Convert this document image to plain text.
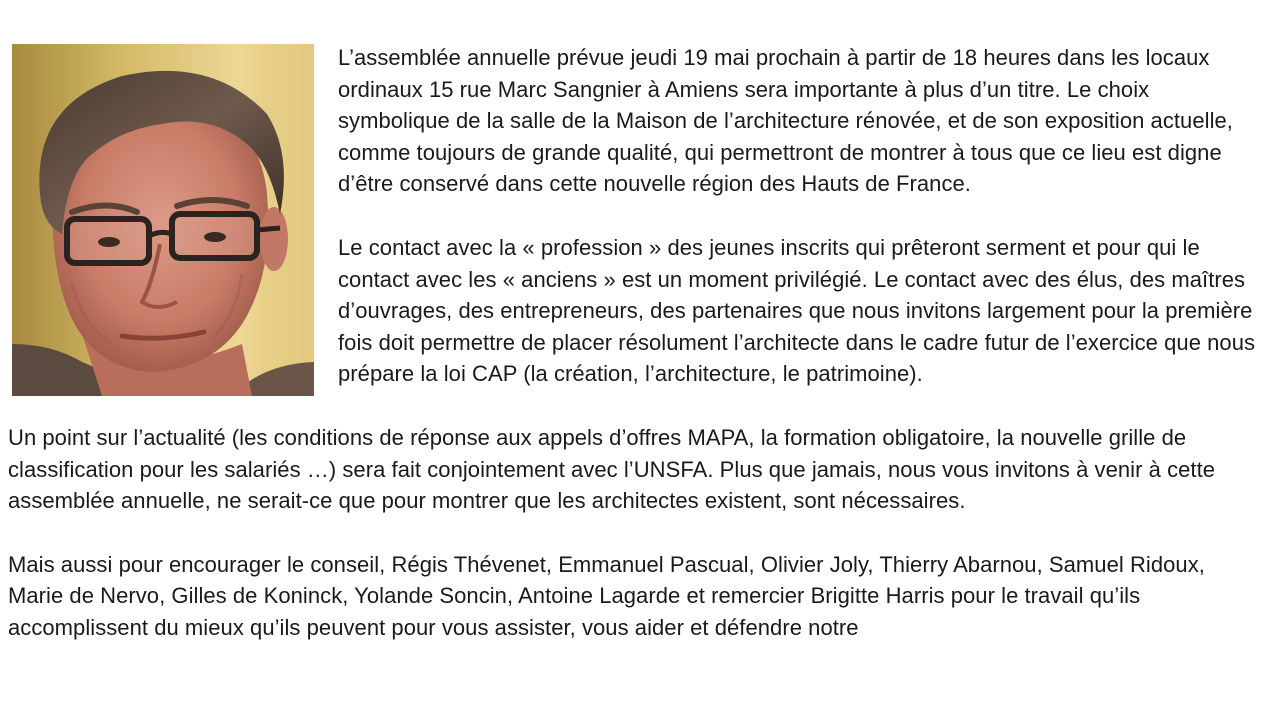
L’assemblée annuelle prévue jeudi 19 mai prochain à partir de 18 heures dans les locaux ordinaux 15 rue Marc Sangnier à Amiens sera importante à plus d’un titre. Le choix symbolique de la salle de la Maison de l’architecture rénovée, et de son exposition actuelle, comme toujours de grande qualité, qui permettront de montrer à tous que ce lieu est digne d’être conservé dans cette nouvelle région des Hauts de France.

Le contact avec la « profession » des jeunes inscrits qui prêteront serment et pour qui le contact avec les « anciens » est un moment privilégié. Le contact avec des élus, des maîtres d’ouvrages, des entrepreneurs, des partenaires que nous invitons largement pour la première fois doit permettre de placer résolument l’architecte dans le cadre futur de l’exercice que nous prépare la loi CAP (la création, l’architecture, le patrimoine).

Un point sur l’actualité (les conditions de réponse aux appels d’offres MAPA, la formation obligatoire, la nouvelle grille de classification pour les salariés …) sera fait conjointement avec l’UNSFA. Plus que jamais, nous vous invitons à venir à cette assemblée annuelle, ne serait-ce que pour montrer que les architectes existent, sont nécessaires.

Mais aussi pour encourager le conseil, Régis Thévenet, Emmanuel Pascual, Olivier Joly, Thierry Abarnou, Samuel Ridoux, Marie de Nervo, Gilles de Koninck, Yolande Soncin, Antoine Lagarde et remercier Brigitte Harris pour le travail qu’ils accomplissent du mieux qu’ils peuvent pour vous assister, vous aider et défendre notre
